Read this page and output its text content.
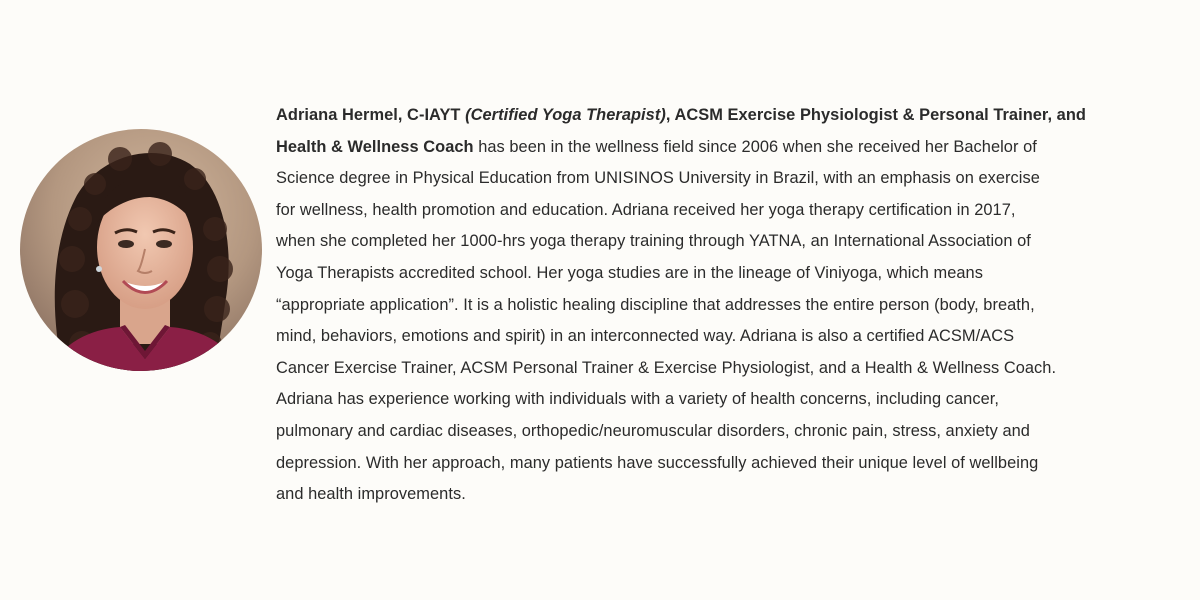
Adriana Hermel, C-IAYT (Certified Yoga Therapist), ACSM Exercise Physiologist & Personal Trainer, and
Health & Wellness Coach has been in the wellness field since 2006 when she received her Bachelor of
Science degree in Physical Education from UNISINOS University in Brazil, with an emphasis on exercise
for wellness, health promotion and education. Adriana received her yoga therapy certification in 2017,
when she completed her 1000-hrs yoga therapy training through YATNA, an International Association of
Yoga Therapists accredited school. Her yoga studies are in the lineage of Viniyoga, which means
“appropriate application”. It is a holistic healing discipline that addresses the entire person (body, breath,
mind, behaviors, emotions and spirit) in an interconnected way. Adriana is also a certified ACSM/ACS
Cancer Exercise Trainer, ACSM Personal Trainer & Exercise Physiologist, and a Health & Wellness Coach.
Adriana has experience working with individuals with a variety of health concerns, including cancer,
pulmonary and cardiac diseases, orthopedic/neuromuscular disorders, chronic pain, stress, anxiety and
depression. With her approach, many patients have successfully achieved their unique level of wellbeing
and health improvements.
